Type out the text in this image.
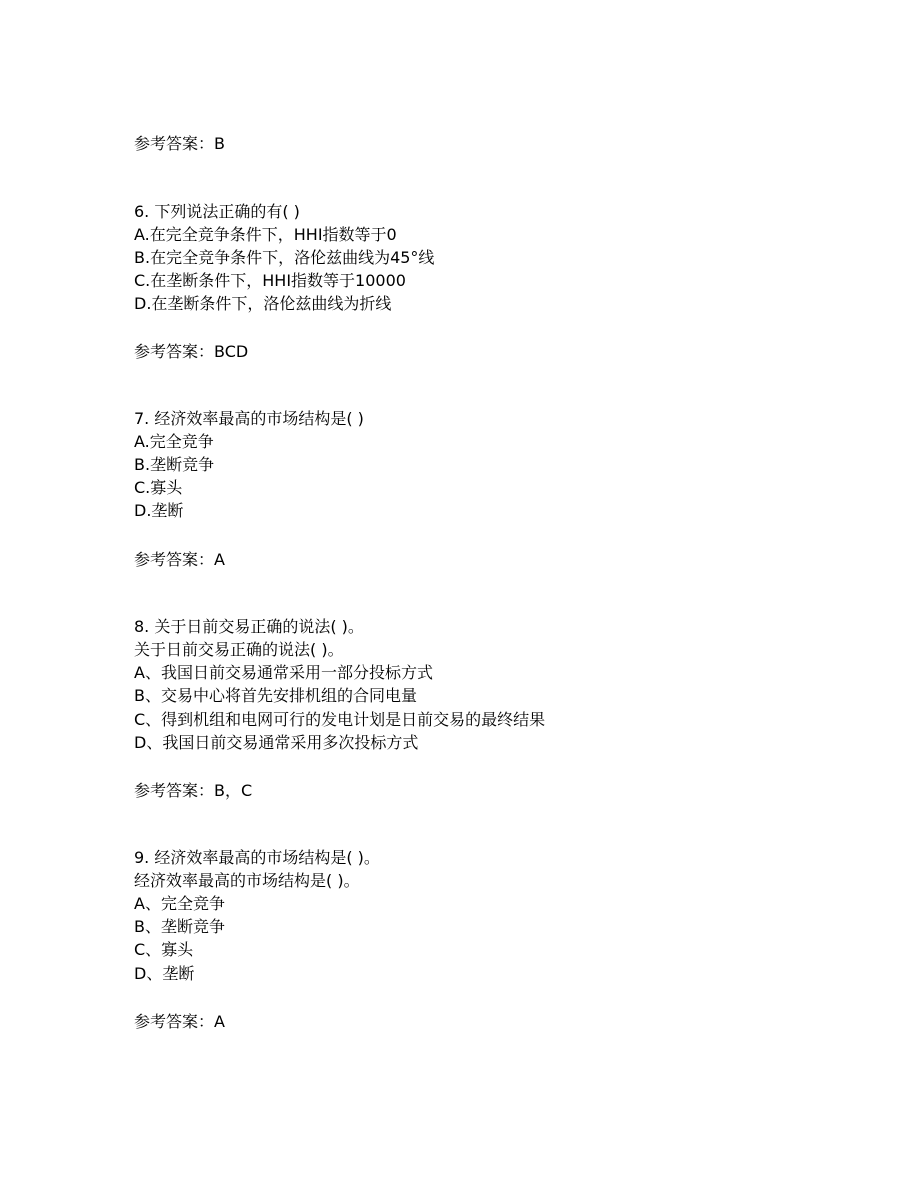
参考答案：B
6. 下列说法正确的有( )
A.在完全竞争条件下，HHI指数等于0
B.在完全竞争条件下，洛伦兹曲线为45°线
C.在垄断条件下，HHI指数等于10000
D.在垄断条件下，洛伦兹曲线为折线
参考答案：BCD
7. 经济效率最高的市场结构是( )
A.完全竞争
B.垄断竞争
C.寡头
D.垄断
参考答案：A
8. 关于日前交易正确的说法( )。
关于日前交易正确的说法( )。
A、我国日前交易通常采用一部分投标方式
B、交易中心将首先安排机组的合同电量
C、得到机组和电网可行的发电计划是日前交易的最终结果
D、我国日前交易通常采用多次投标方式
参考答案：B，C
9. 经济效率最高的市场结构是( )。
经济效率最高的市场结构是( )。
A、完全竞争
B、垄断竞争
C、寡头
D、垄断
参考答案：A
